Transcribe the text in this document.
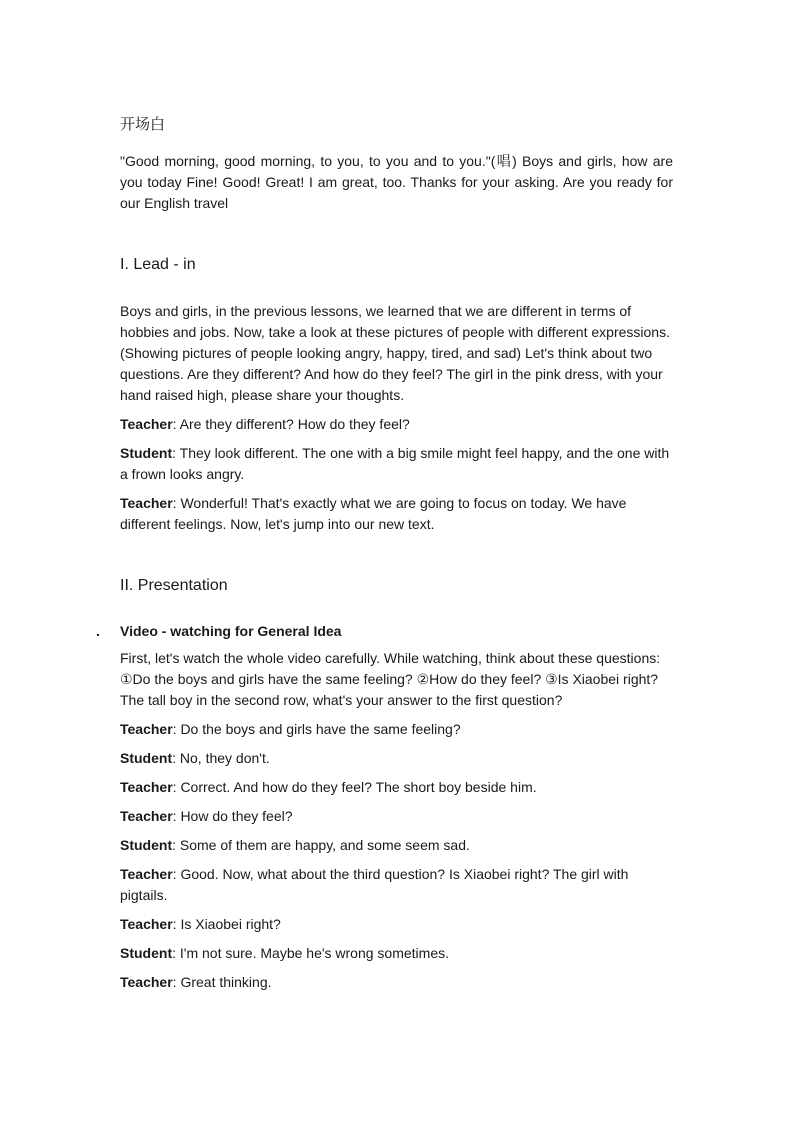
开场白

"Good morning, good morning, to you, to you and to you."(唱) Boys and girls, how are you today Fine! Good! Great! I am great, too. Thanks for your asking. Are you ready for our English travel

I. Lead - in

Boys and girls, in the previous lessons, we learned that we are different in terms of hobbies and jobs. Now, take a look at these pictures of people with different expressions. (Showing pictures of people looking angry, happy, tired, and sad) Let's think about two questions. Are they different? And how do they feel? The girl in the pink dress, with your hand raised high, please share your thoughts.

Teacher: Are they different? How do they feel?

Student: They look different. The one with a big smile might feel happy, and the one with a frown looks angry.

Teacher: Wonderful! That's exactly what we are going to focus on today. We have different feelings. Now, let's jump into our new text.

II. Presentation
. Video - watching for General Idea

First, let's watch the whole video carefully. While watching, think about these questions: ①Do the boys and girls have the same feeling? ②How do they feel? ③Is Xiaobei right? The tall boy in the second row, what's your answer to the first question?

Teacher: Do the boys and girls have the same feeling?

Student: No, they don't.

Teacher: Correct. And how do they feel? The short boy beside him.

Teacher: How do they feel?

Student: Some of them are happy, and some seem sad.

Teacher: Good. Now, what about the third question? Is Xiaobei right? The girl with pigtails.

Teacher: Is Xiaobei right?

Student: I'm not sure. Maybe he's wrong sometimes.

Teacher: Great thinking.
